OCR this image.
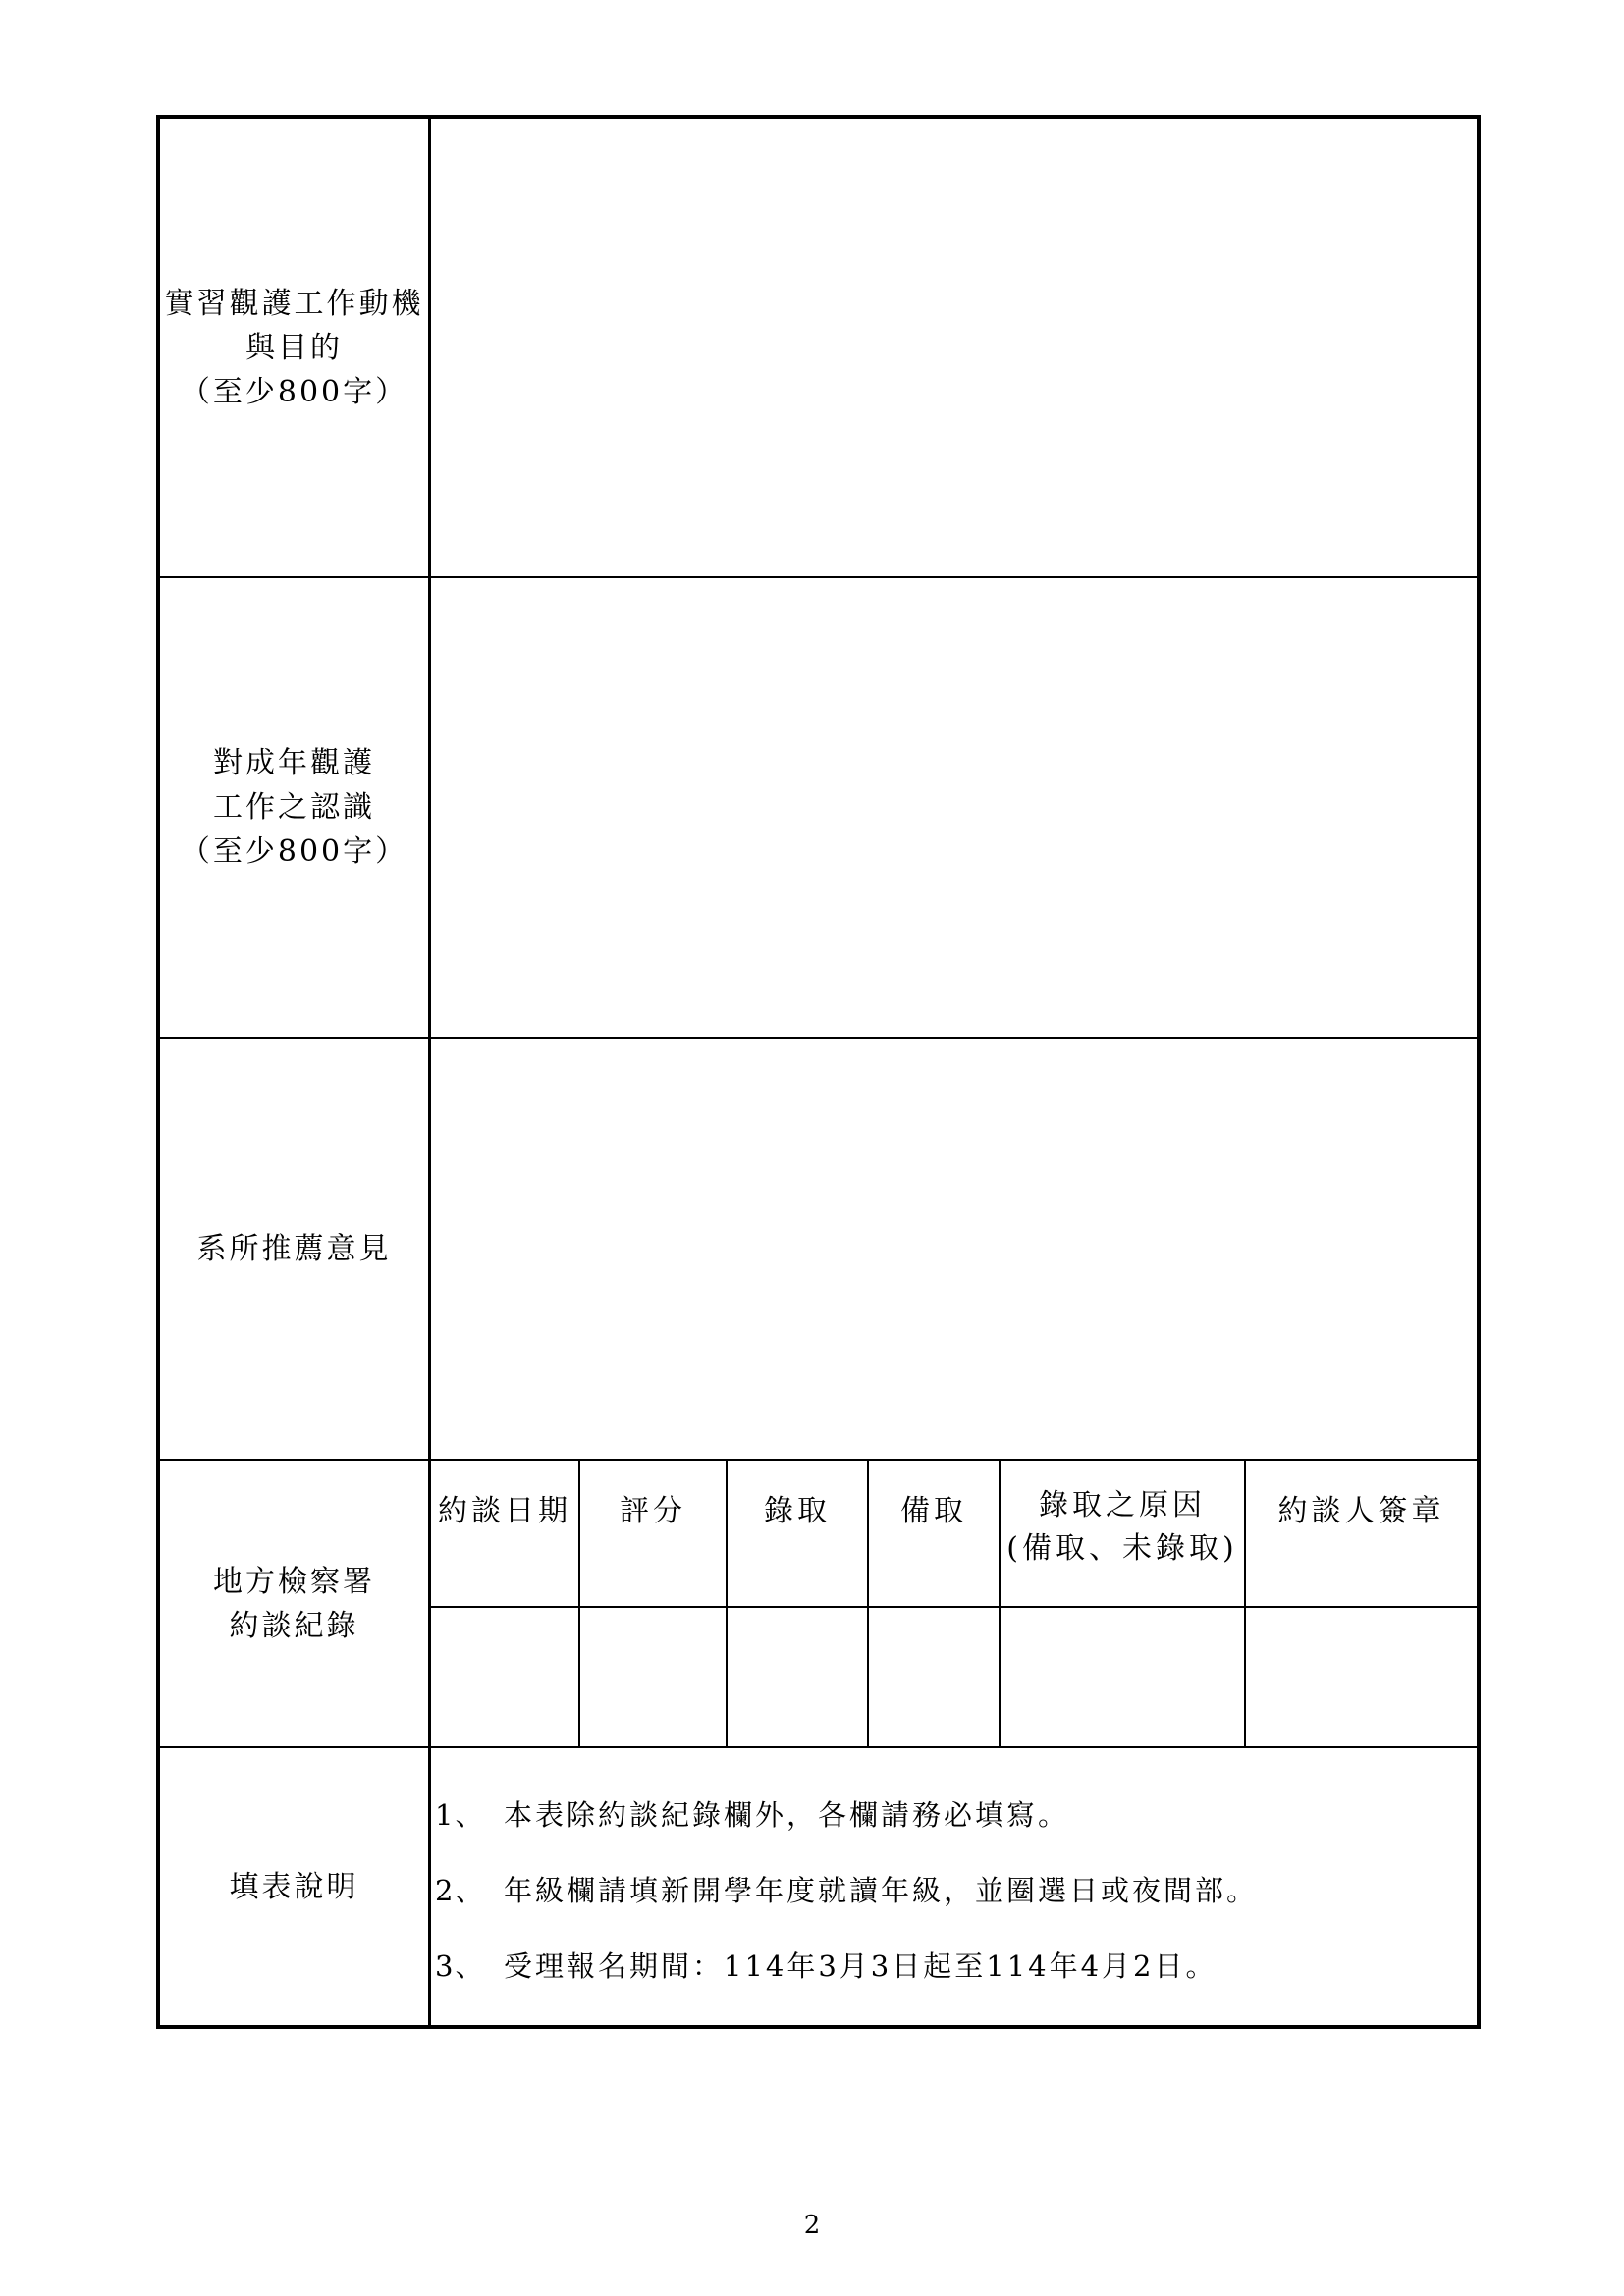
實習觀護工作動機
與目的
（至少800字）
對成年觀護
工作之認識
（至少800字）
系所推薦意見
地方檢察署
約談紀錄
約談日期 評分	錄取 備取 錄取之原因
(備取、未錄取)
約談人簽章
填表說明
1、 本表除約談紀錄欄外，各欄請務必填寫。
2、 年級欄請填新開學年度就讀年級，並圈選日或夜間部。
3、 受理報名期間：114年3月3日起至114年4月2日。
2
